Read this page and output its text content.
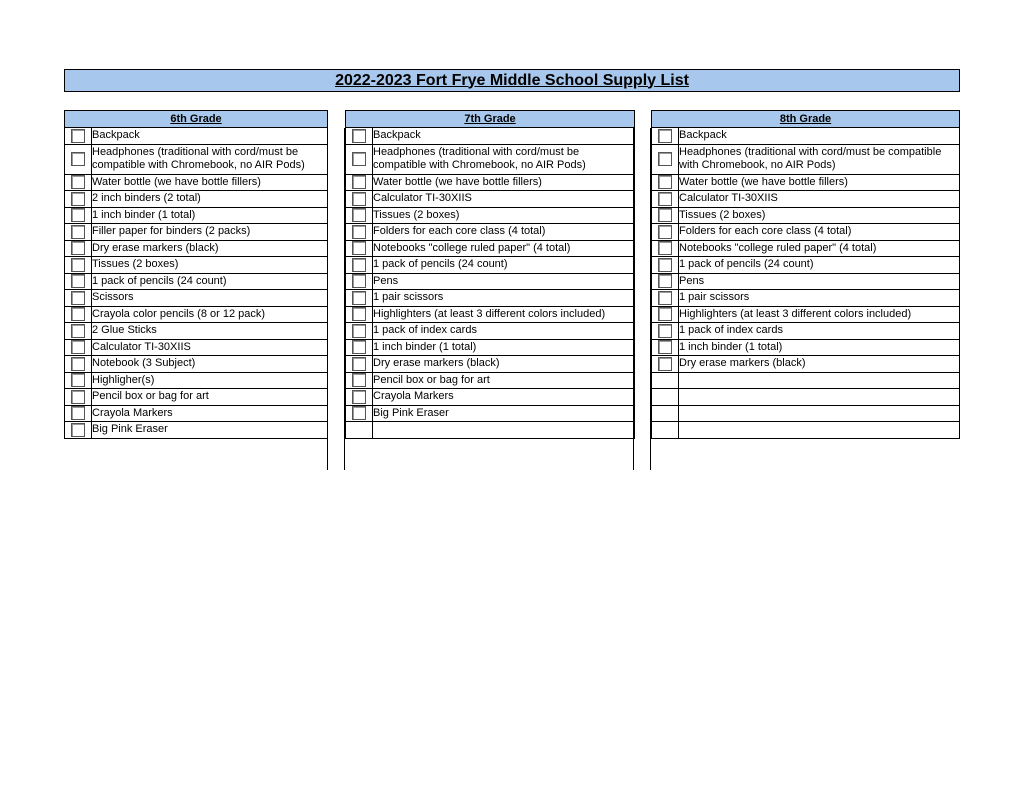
2022-2023 Fort Frye Middle School Supply List
6th Grade	
	Backpack
	Headphones (traditional with cord/must be compatible with Chromebook, no AIR Pods)
	Water bottle (we have bottle fillers)
	2 inch binders (2 total)
	1 inch binder (1 total)
	Filler paper for binders (2 packs)
	Dry erase markers (black)
	Tissues (2 boxes)
	1 pack of pencils (24 count)
	Scissors
	Crayola color pencils (8 or 12 pack)
	2 Glue Sticks
	Calculator TI-30XIIS
	Notebook (3 Subject)
	Highligher(s)
	Pencil box or bag for art
	Crayola Markers
	Big Pink Eraser
7th Grade	
	Backpack
	Headphones (traditional with cord/must be compatible with Chromebook, no AIR Pods)
	Water bottle (we have bottle fillers)
	Calculator TI-30XIIS
	Tissues (2 boxes)
	Folders for each core class (4 total)
	Notebooks "college ruled paper" (4 total)
	1 pack of pencils (24 count)
	Pens
	1 pair scissors
	Highlighters (at least 3 different colors included)
	1 pack of index cards
	1 inch binder (1 total)
	Dry erase markers (black)
	Pencil box or bag for art
	Crayola Markers
	Big Pink Eraser

8th Grade	
	Backpack
	Headphones (traditional with cord/must be compatible with Chromebook, no AIR Pods)
	Water bottle (we have bottle fillers)
	Calculator TI-30XIIS
	Tissues (2 boxes)
	Folders for each core class (4 total)
	Notebooks "college ruled paper" (4 total)
	1 pack of pencils (24 count)
	Pens
	1 pair scissors
	Highlighters (at least 3 different colors included)
	1 pack of index cards
	1 inch binder (1 total)
	Dry erase markers (black)
